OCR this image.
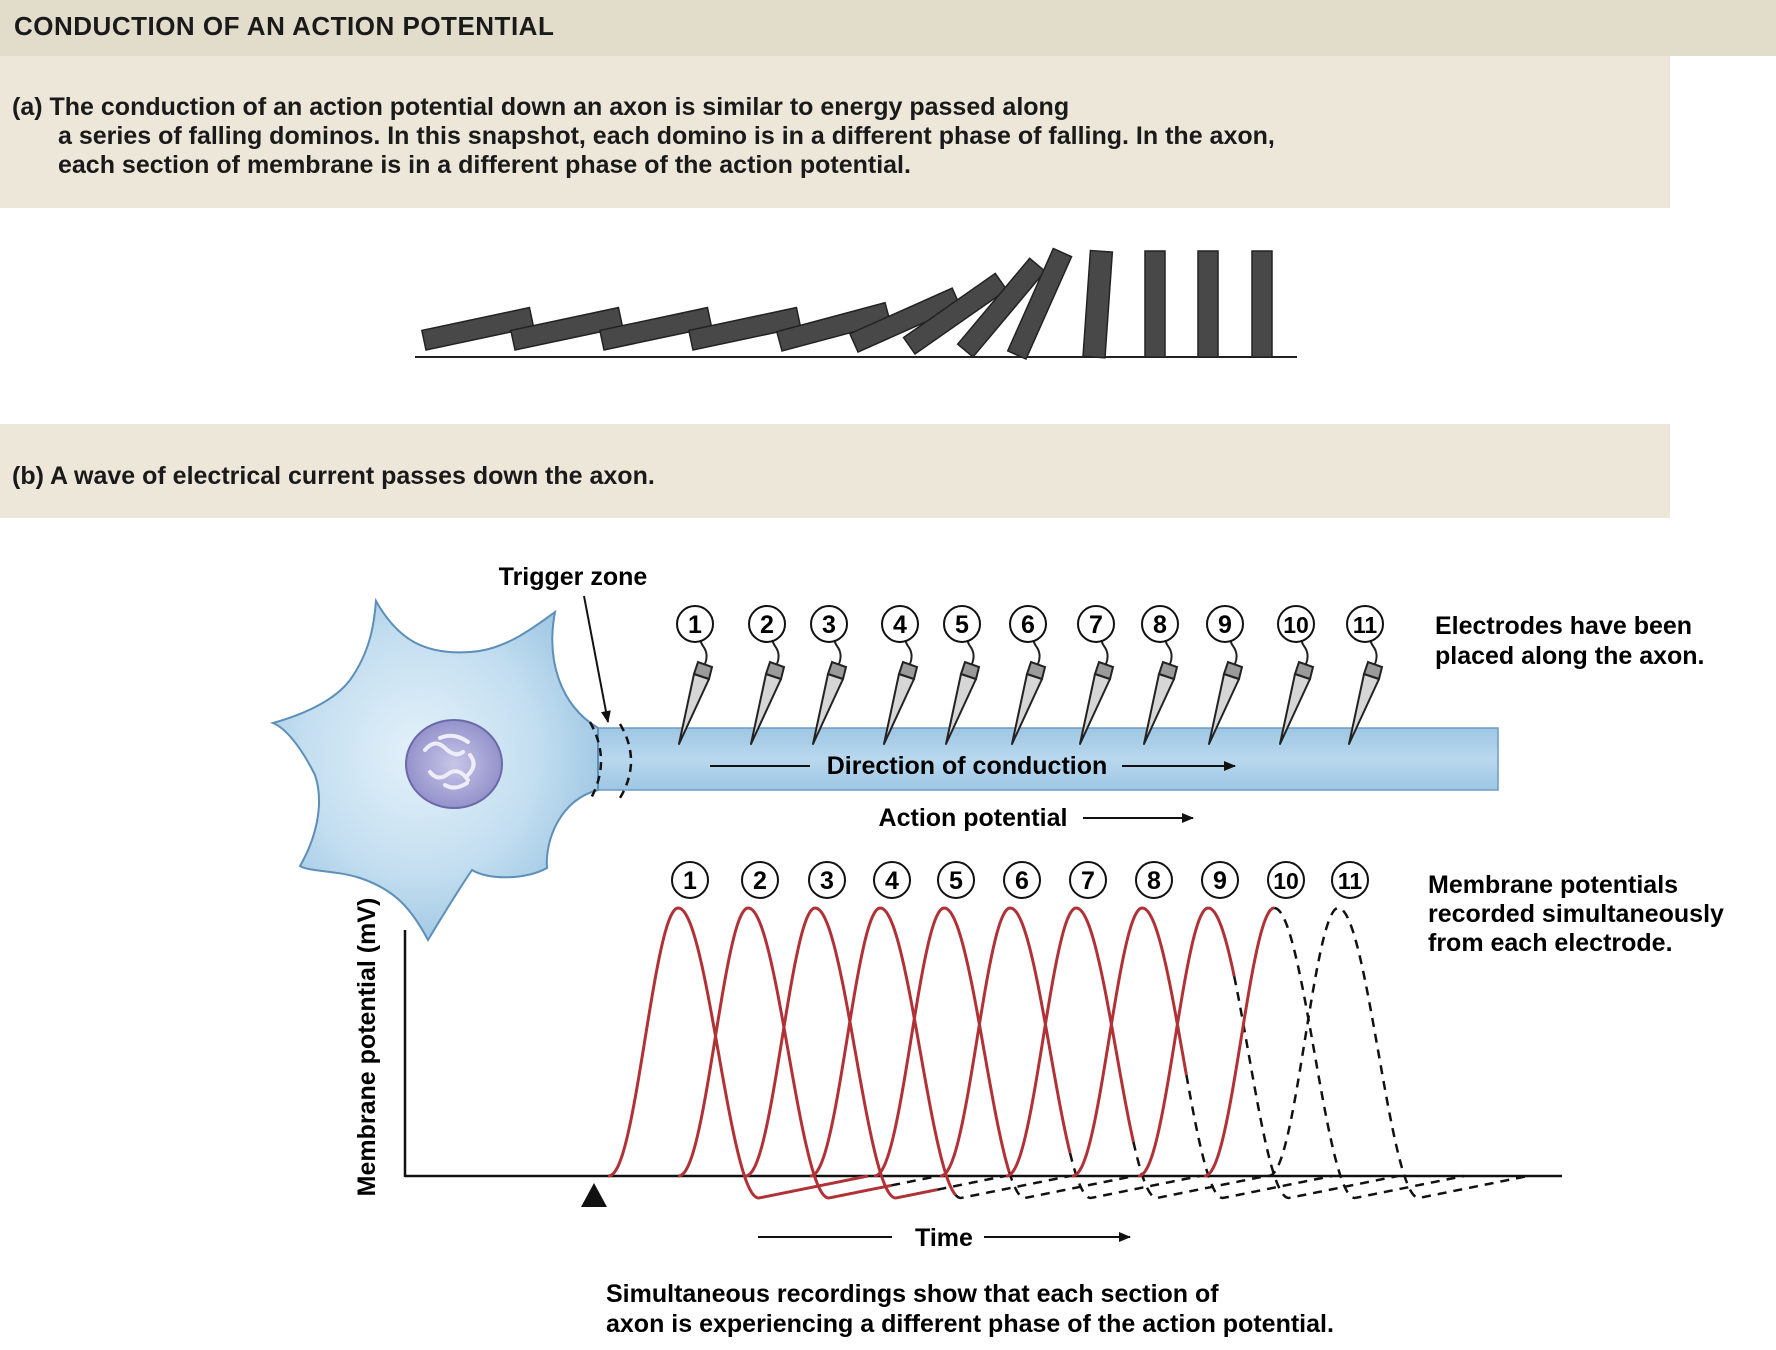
CONDUCTION OF AN ACTION POTENTIAL
(a) The conduction of an action potential down an axon is similar to energy passed along
a series of falling dominos. In this snapshot, each domino is in a different phase of falling. In the axon,
each section of membrane is in a different phase of the action potential.
(b) A wave of electrical current passes down the axon.
Trigger zone
1 2 3 4 5 6 7 8 9 10 11
Direction of conduction
Action potential
Electrodes have been
placed along the axon.
Membrane potentials
recorded simultaneously
from each electrode.
Membrane potential (mV)
1 2 3 4 5 6 7 8 9 10 11
Time
Simultaneous recordings show that each section of
axon is experiencing a different phase of the action potential.
